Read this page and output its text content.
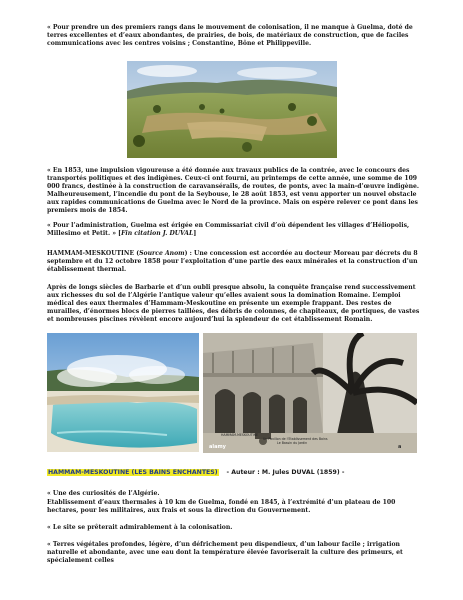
« Pour prendre un des premiers rangs dans le mouvement de colonisation, il ne manque à Guelma, doté de terres excellentes et d’eaux abondantes, de prairies, de bois, de matériaux de construction, que de faciles communications avec les centres voisins ; Constantine, Bône et Philippeville.

« En 1853, une impulsion vigoureuse a été donnée aux travaux publics de la contrée, avec le concours des transportés politiques et des indigènes. Ceux-ci ont fourni, au printemps de cette année, une somme de 109 000 francs, destinée à la construction de caravansérails, de routes, de ponts, avec la main-d’œuvre indigène. Malheureusement, l’incendie du pont de la Seybouse, le 28 août 1853, est venu apporter un nouvel obstacle aux rapides communications de Guelma avec le Nord de la province. Mais on espère relever ce pont dans les premiers mois de 1854.

« Pour l’administration, Guelma est érigée en Commissariat civil d’où dépendent les villages d’Héliopolis, Millesimo et Petit. » [Fin citation J. DUVAL]

HAMMAM-MESKOUTINE (Source Anom) : Une concession est accordée au docteur Moreau par décrets du 8 septembre et du 12 octobre 1858 pour l’exploitation d’une partie des eaux minérales et la construction d’un établissement thermal.

Après de longs siècles de Barbarie et d’un oubli presque absolu, la conquête française rend successivement aux richesses du sol de l’Algérie l’antique valeur qu’elles avaient sous la domination Romaine. L’emploi médical des eaux thermales d’Hammam-Meskoutine en présente un exemple frappant. Des restes de murailles, d’énormes blocs de pierres taillées, des débris de colonnes, de chapiteaux, de portiques, de vastes et nombreuses piscines révèlent encore aujourd’hui la splendeur de cet établissement Romain.

HAMMAM-MESKOUTINE
Un Pavillon de l’Etablissement des Bains
Le Bassin du Jardin
alamy	a
HAMMAM-MESKOUTINE (LES BAINS ENCHANTES) - Auteur : M. Jules DUVAL (1859) -

« Une des curiosités de l’Algérie.

Etablissement d’eaux thermales à 10 km de Guelma, fondé en 1845, à l’extrémité d’un plateau de 100 hectares, pour les militaires, aux frais et sous la direction du Gouvernement.

« Le site se prêterait admirablement à la colonisation.

« Terres végétales profondes, légère, d’un défrichement peu dispendieux, d’un labour facile ; irrigation naturelle et abondante, avec une eau dont la température élevée favoriserait la culture des primeurs, et spécialement celles
